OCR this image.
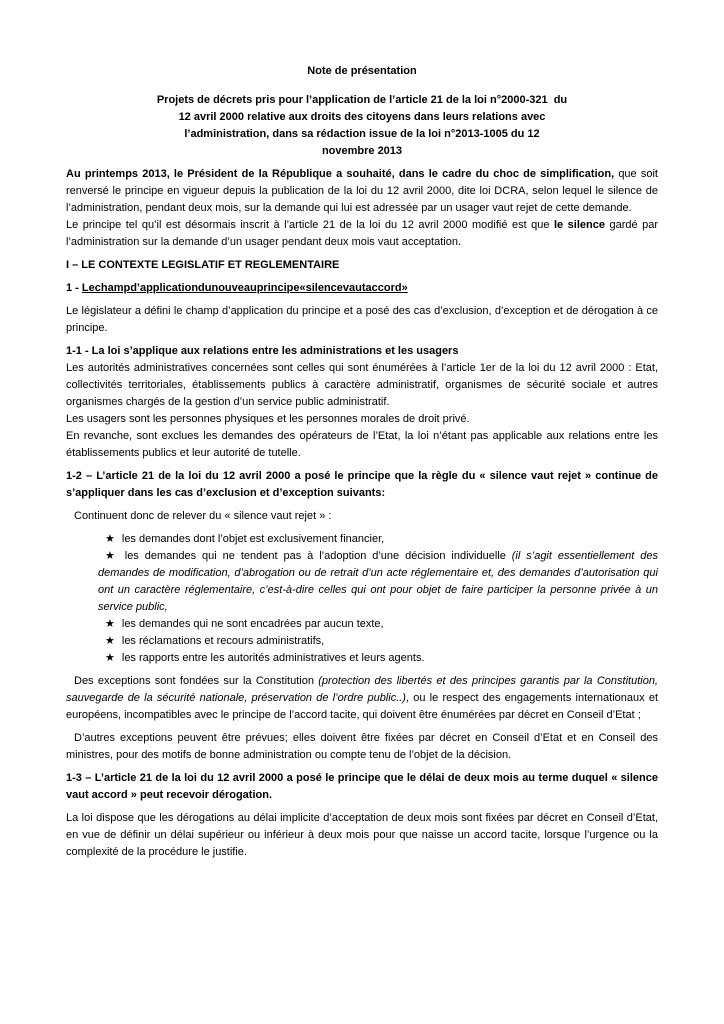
Note de présentation
Projets de décrets pris pour l’application de l’article 21 de la loi n°2000-321  du
12 avril 2000 relative aux droits des citoyens dans leurs relations avec
l’administration, dans sa rédaction issue de la loi n°2013-1005 du 12
novembre 2013
Au printemps 2013, le Président de la République a souhaité, dans le cadre du choc de simplification, que soit renversé le principe en vigueur depuis la publication de la loi du 12 avril 2000, dite loi DCRA, selon lequel le silence de l’administration, pendant deux mois, sur la demande qui lui est adressée par un usager vaut rejet de cette demande.
Le principe tel qu’il est désormais inscrit à l’article 21 de la loi du 12 avril 2000 modifié est que le silence gardé par l’administration sur la demande d’un usager pendant deux mois vaut acceptation.
I – LE CONTEXTE LEGISLATIF ET REGLEMENTAIRE
1 - Lechampd’applicationdunouveauprincipe«silencevautaccord»
Le législateur a défini le champ d’application du principe et a posé des cas d’exclusion, d’exception et de dérogation à ce principe.
1-1 - La loi s’applique aux relations entre les administrations et les usagers
Les autorités administratives concernées sont celles qui sont énumérées à l’article 1er de la loi du 12 avril 2000 : Etat, collectivités territoriales, établissements publics à caractère administratif, organismes de sécurité sociale et autres organismes chargés de la gestion d’un service public administratif.
Les usagers sont les personnes physiques et les personnes morales de droit privé.
En revanche, sont exclues les demandes des opérateurs de l’Etat, la loi n’étant pas applicable aux relations entre les établissements publics et leur autorité de tutelle.
1-2 – L’article 21 de la loi du 12 avril 2000 a posé le principe que la règle du « silence vaut rejet » continue de s’appliquer dans les cas d’exclusion et d’exception suivants:
Continuent donc de relever du « silence vaut rejet » :
★ les demandes dont l’objet est exclusivement financier,
★ les demandes qui ne tendent pas à l’adoption d’une décision individuelle (il s’agit essentiellement des demandes de modification, d’abrogation ou de retrait d’un acte réglementaire et, des demandes d’autorisation qui ont un caractère réglementaire, c’est-à-dire celles qui ont pour objet de faire participer la personne privée à un service public,
★ les demandes qui ne sont encadrées par aucun texte,
★ les réclamations et recours administratifs,
★ les rapports entre les autorités administratives et leurs agents.
Des exceptions sont fondées sur la Constitution (protection des libertés et des principes garantis par la Constitution, sauvegarde de la sécurité nationale, préservation de l’ordre public..), ou le respect des engagements internationaux et européens, incompatibles avec le principe de l’accord tacite, qui doivent être énumérées par décret en Conseil d’Etat ;
D’autres exceptions peuvent être prévues; elles doivent être fixées par décret en Conseil d’Etat et en Conseil des ministres, pour des motifs de bonne administration ou compte tenu de l’objet de la décision.
1-3 – L’article 21 de la loi du 12 avril 2000 a posé le principe que le délai de deux mois au terme duquel « silence vaut accord » peut recevoir dérogation.
La loi dispose que les dérogations au délai implicite d’acceptation de deux mois sont fixées par décret en Conseil d’Etat, en vue de définir un délai supérieur ou inférieur à deux mois pour que naisse un accord tacite, lorsque l’urgence ou la complexité de la procédure le justifie.
